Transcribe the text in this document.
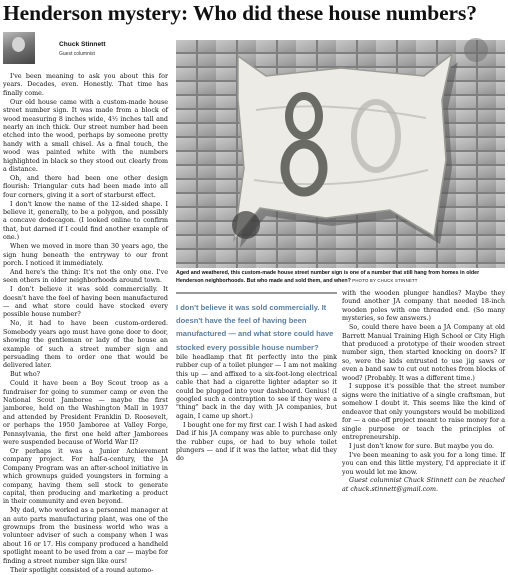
Henderson mystery: Who did these house numbers?
Chuck Stinnett
Guest columnist

I've been meaning to ask you about this for years. Decades, even. Honestly. That time has finally come.

Our old house came with a custom-made house street number sign. It was made from a block of wood measuring 8 inches wide, 4½ inches tall and nearly an inch thick. Our street number had been etched into the wood, perhaps by someone pretty handy with a small chisel. As a final touch, the wood was painted white with the numbers highlighted in black so they stood out clearly from a distance.

Oh, and there had been one other design flourish: Triangular cuts had been made into all four corners, giving it a sort of starburst effect.

I don't know the name of the 12-sided shape. I believe it, generally, to be a polygon, and possibly a concave dodecagon. (I looked online to confirm that, but darned if I could find another example of one.)

When we moved in more than 30 years ago, the sign hung beneath the entryway to our front porch. I noticed it immediately.

And here's the thing: It's not the only one. I've seen others in older neighborhoods around town.

I don't believe it was sold commercially. It doesn't have the feel of having been manufactured — and what store could have stocked every possible house number?

No, it had to have been custom-ordered. Somebody years ago must have gone door to door, showing the gentleman or lady of the house an example of such a street number sign and persuading them to order one that would be delivered later.

But who?

Could it have been a Boy Scout troop as a fundraiser for going to summer camp or even the National Scout Jamboree — maybe the first jamboree, held on the Washington Mall in 1937 and attended by President Franklin D. Roosevelt, or perhaps the 1950 Jamboree at Valley Forge, Pennsylvania, the first one held after Jamborees were suspended because of World War II?

Or perhaps it was a Junior Achievement company project. For half-a-century, the JA Company Program was an after-school initiative in which grownups guided youngsters in forming a company, having them sell stock to generate capital, then producing and marketing a product in their community and even beyond.

My dad, who worked as a personnel manager at an auto parts manufacturing plant, was one of the grownups from the business world who was a volunteer adviser of such a company when I was about 16 or 17. His company produced a handheld spotlight meant to be used from a car — maybe for finding a street number sign like ours!

Their spotlight consisted of a round automo-

Aged and weathered, this custom-made house street number sign is one of a number that still hang from homes in older Henderson neighborhoods. But who made and sold them, and when? PHOTO BY CHUCK STINNETT
I don't believe it was sold commercially. It doesn't have the feel of having been manufactured — and what store could have stocked every possible house number?

bile headlamp that fit perfectly into the pink rubber cup of a toilet plunger — I am not making this up — and affixed to a six-foot-long electrical cable that had a cigarette lighter adapter so it could be plugged into your dashboard. Genius! (I googled such a contraption to see if they were a "thing" back in the day with JA companies, but again, I came up short.)

I bought one for my first car. I wish I had asked Dad if his JA company was able to purchase only the rubber cups, or had to buy whole toilet plungers — and if it was the latter, what did they do

with the wooden plunger handles? Maybe they found another JA company that needed 18-inch wooden poles with one threaded end. (So many mysteries, so few answers.)

So, could there have been a JA Company at old Barrett Manual Training High School or City High that produced a prototype of their wooden street number sign, then started knocking on doors? If so, were the kids entrusted to use jig saws or even a band saw to cut out notches from blocks of wood? (Probably. It was a different time.)

I suppose it's possible that the street number signs were the initiative of a single craftsman, but somehow I doubt it. This seems like the kind of endeavor that only youngsters would be mobilized for — a one-off project meant to raise money for a single purpose or teach the principles of entrepreneurship.

I just don't know for sure. But maybe you do.

I've been meaning to ask you for a long time. If you can end this little mystery, I'd appreciate it if you would let me know.

Guest columnist Chuck Stinnett can be reached at chuck.stinnett@gmail.com.
